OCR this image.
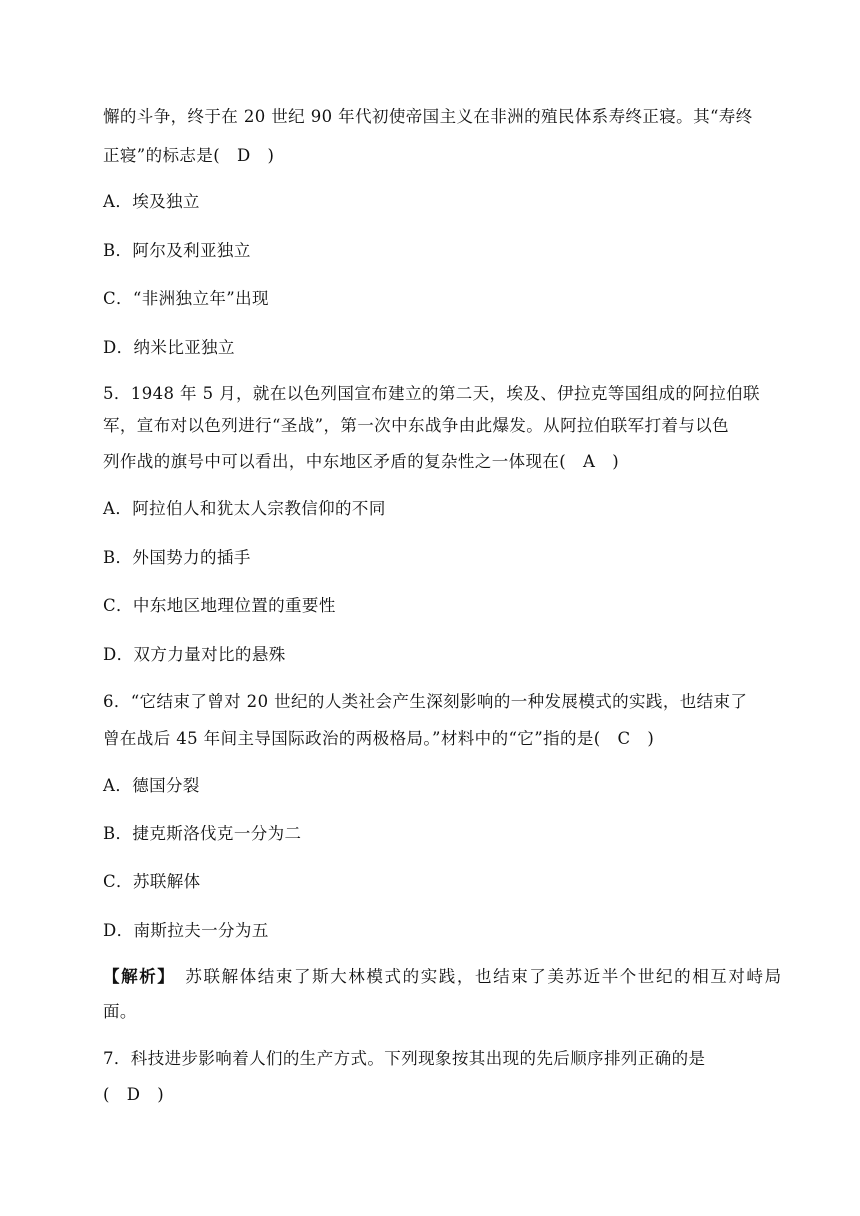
懈的斗争，终于在 20 世纪 90 年代初使帝国主义在非洲的殖民体系寿终正寝。其“寿终
正寝”的标志是(　D　)
A．埃及独立
B．阿尔及利亚独立
C．“非洲独立年”出现
D．纳米比亚独立
5．1948 年 5 月，就在以色列国宣布建立的第二天，埃及、伊拉克等国组成的阿拉伯联
军，宣布对以色列进行“圣战”，第一次中东战争由此爆发。从阿拉伯联军打着与以色
列作战的旗号中可以看出，中东地区矛盾的复杂性之一体现在(　A　)
A．阿拉伯人和犹太人宗教信仰的不同
B．外国势力的插手
C．中东地区地理位置的重要性
D．双方力量对比的悬殊
6．“它结束了曾对 20 世纪的人类社会产生深刻影响的一种发展模式的实践，也结束了
曾在战后 45 年间主导国际政治的两极格局。”材料中的“它”指的是(　C　)
A．德国分裂
B．捷克斯洛伐克一分为二
C．苏联解体
D．南斯拉夫一分为五
【解析】 苏联解体结束了斯大林模式的实践，也结束了美苏近半个世纪的相互对峙局
面。
7．科技进步影响着人们的生产方式。下列现象按其出现的先后顺序排列正确的是
(　D　)
